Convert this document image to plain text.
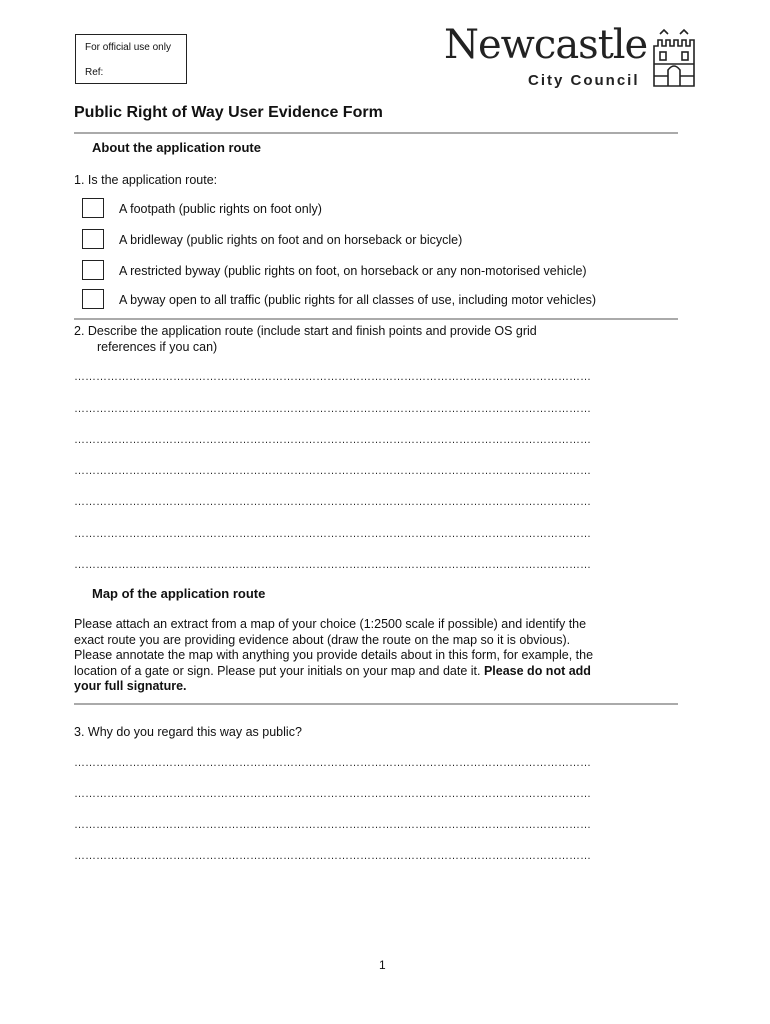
For official use only
Ref:
Newcastle
City Council
Public Right of Way User Evidence Form
About the application route
1. Is the application route:
A footpath (public rights on foot only)
A bridleway (public rights on foot and on horseback or bicycle)
A restricted byway (public rights on foot, on horseback or any non-motorised vehicle)
A byway open to all traffic (public rights for all classes of use, including motor vehicles)
2. Describe the application route (include start and finish points and provide OS grid
references if you can)
……………………………………………………………………………………………………………………………
……………………………………………………………………………………………………………………………
……………………………………………………………………………………………………………………………
……………………………………………………………………………………………………………………………
……………………………………………………………………………………………………………………………
……………………………………………………………………………………………………………………………
……………………………………………………………………………………………………………………………
Map of the application route
Please attach an extract from a map of your choice (1:2500 scale if possible) and identify the
exact route you are providing evidence about (draw the route on the map so it is obvious).
Please annotate the map with anything you provide details about in this form, for example, the
location of a gate or sign. Please put your initials on your map and date it. Please do not add
your full signature.
3. Why do you regard this way as public?
……………………………………………………………………………………………………………………………
……………………………………………………………………………………………………………………………
……………………………………………………………………………………………………………………………
……………………………………………………………………………………………………………………………
1
